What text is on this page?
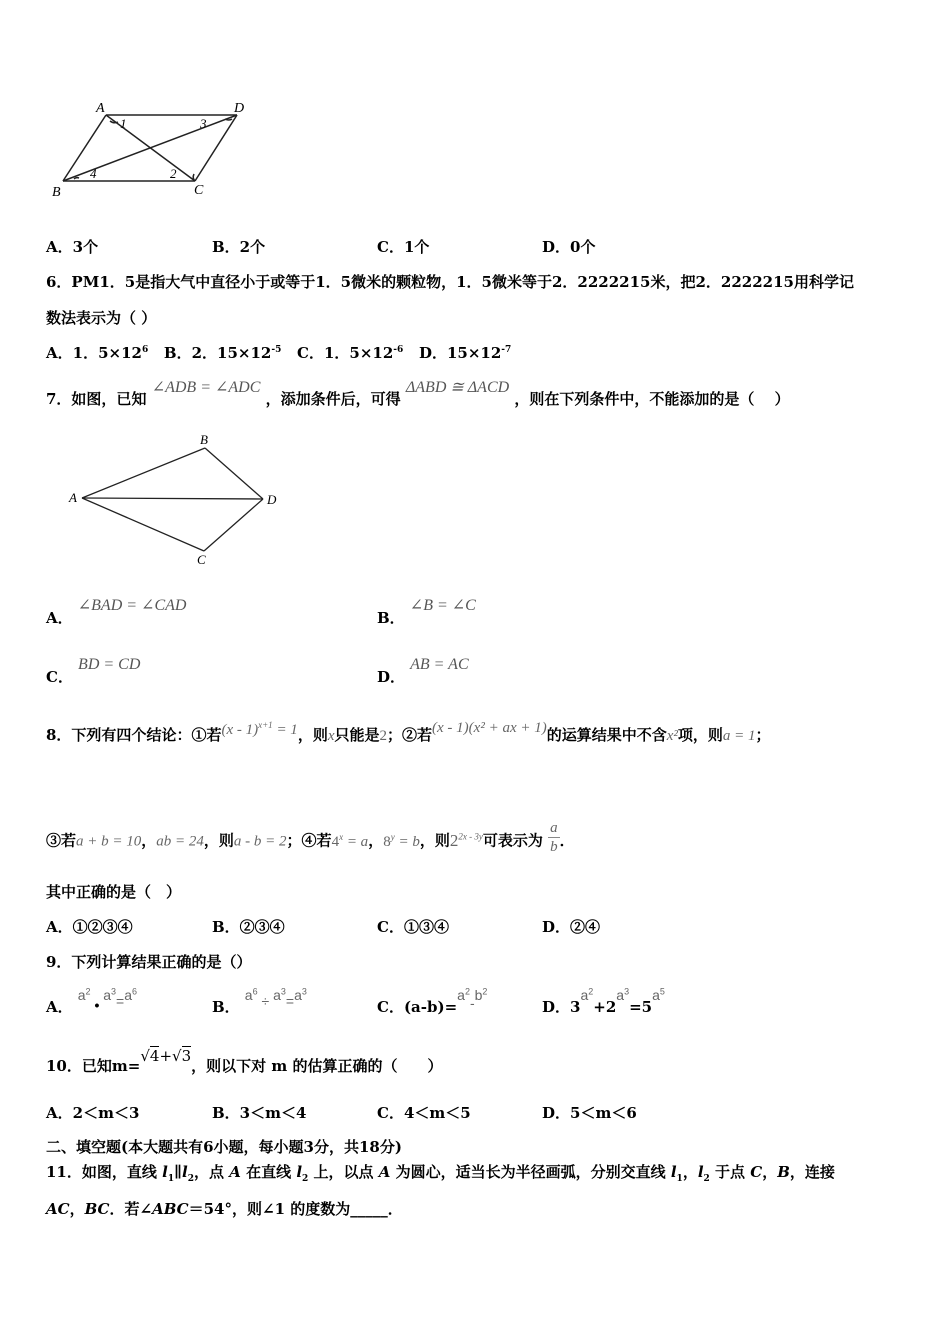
A	D
B	C
1	3
2
4
A．3个	B．2个	C．1个	D．0个
6．PM1．5是指大气中直径小于或等于1．5微米的颗粒物，1．5微米等于2．2222215米，把2．2222215用科学记
数法表示为（ ）
A．1．$5\times 12^6$ B．2．$15\times 12^{-5}$ C．1．$5\times 12^{-6}$ D．$15\times 12^{-7}$
7．如图，已知 ∠ADB = ∠ADC ，添加条件后，可得 ΔABD ≅ ΔACD ，则在下列条件中，不能添加的是（　 ）
B
A	D
C
A． ∠BAD = ∠CAD
B． ∠B = ∠C
C． BD = CD
D． AB = AC
8．下列有四个结论：①若(x - 1)$^{x+1}$ = 1，则x只能是2；②若(x - 1)(x² + ax + 1)的运算结果中不含x²项，则a = 1；
③若a + b = 10，ab = 24，则a - b = 2；④若$4^x = a$，$8^y = b$，则$2^{2x - 3y}$可表示为 $\frac{a}{b}$ ．
其中正确的是（　）
A．①②③④	B．②③④	C．①③④	D．②④
9．下列计算结果正确的是（）
A． $a^2$ • $a^3=a^6$
B． $a^6 \div a^3=a^3$
C．$(a-b)=a^2-b^2$
D．$3a^2+2a^3=5a^5$
10．已知m=√4+√3，则以下对 m 的估算正确的（　　）
A．2＜m＜3	B．3＜m＜4	C．4＜m＜5	D．5＜m＜6
二、填空题(本大题共有6小题，每小题3分，共18分)
11．如图，直线 $l_1\parallel l_2$，点 A 在直线 $l_2$ 上，以点 A 为圆心，适当长为半径画弧，分别交直线 $l_1$，$l_2$ 于点 C，B，连接
AC，BC．若∠ABC＝54°，则∠1 的度数为_____．
